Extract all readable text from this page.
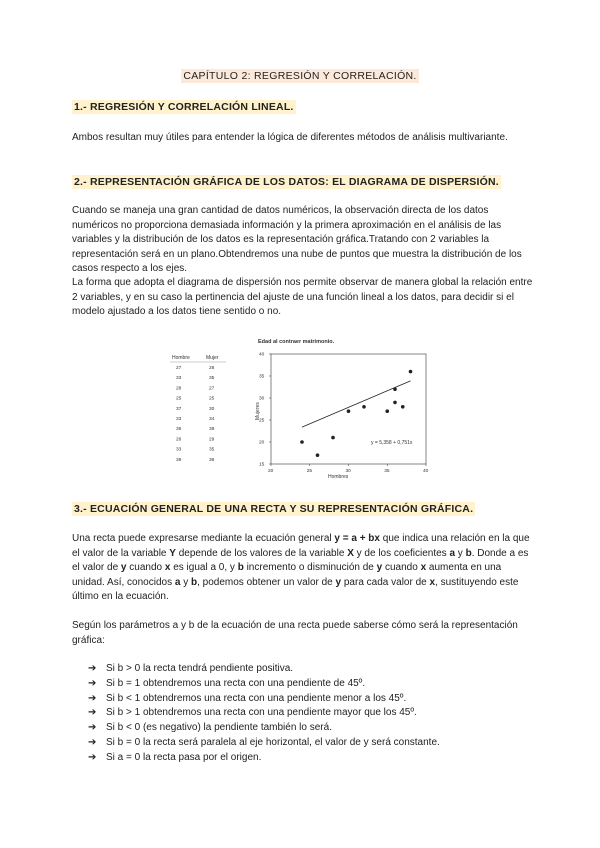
CAPÍTULO 2: REGRESIÓN Y CORRELACIÓN.
1.- REGRESIÓN Y CORRELACIÓN LINEAL.
Ambos resultan muy útiles para entender la lógica de diferentes métodos de análisis multivariante.
2.- REPRESENTACIÓN GRÁFICA DE LOS DATOS: EL DIAGRAMA DE DISPERSIÓN.
Cuando se maneja una gran cantidad de datos numéricos, la observación directa de los datos numéricos no proporciona demasiada información y la primera aproximación en el análisis de las variables y la distribución de los datos es la representación gráfica.Tratando con 2 variables la representación será en un plano.Obtendremos una nube de puntos que muestra la distribución de los casos respecto a los ejes.
La forma que adopta el diagrama de dispersión nos permite observar de manera global la relación entre 2 variables, y en su caso la pertinencia del ajuste de una función lineal a los datos, para decidir si el modelo ajustado a los datos tiene sentido o no.
Edad al contraer matrimonio.
Hombre	Mujer
27	28
33	35
28	27
25	25
37	30
33	34
35	38
26	29
33	35
39	36
20	25	30	35	40
40
35
30
25
20
15
Mujeres
Hombres
y = 5,358 + 0,751x
3.- ECUACIÓN GENERAL DE UNA RECTA Y SU REPRESENTACIÓN GRÁFICA.
Una recta puede expresarse mediante la ecuación general y = a + bx que indica una relación en la que el valor de la variable Y depende de los valores de la variable X y de los coeficientes a y b. Donde a es el valor de y cuando x es igual a 0, y b incremento o disminución de y cuando x aumenta en una unidad. Así, conocidos a y b, podemos obtener un valor de y para cada valor de x, sustituyendo este último en la ecuación.
Según los parámetros a y b de la ecuación de una recta puede saberse cómo será la representación gráfica:
➔ Si b > 0 la recta tendrá pendiente positiva.
➔ Si b = 1 obtendremos una recta con una pendiente de 45º.
➔ Si b < 1 obtendremos una recta con una pendiente menor a los 45º.
➔ Si b > 1 obtendremos una recta con una pendiente mayor que los 45º.
➔ Si b < 0 (es negativo) la pendiente también lo será.
➔ Si b = 0 la recta será paralela al eje horizontal, el valor de y será constante.
➔ Si a = 0 la recta pasa por el origen.
